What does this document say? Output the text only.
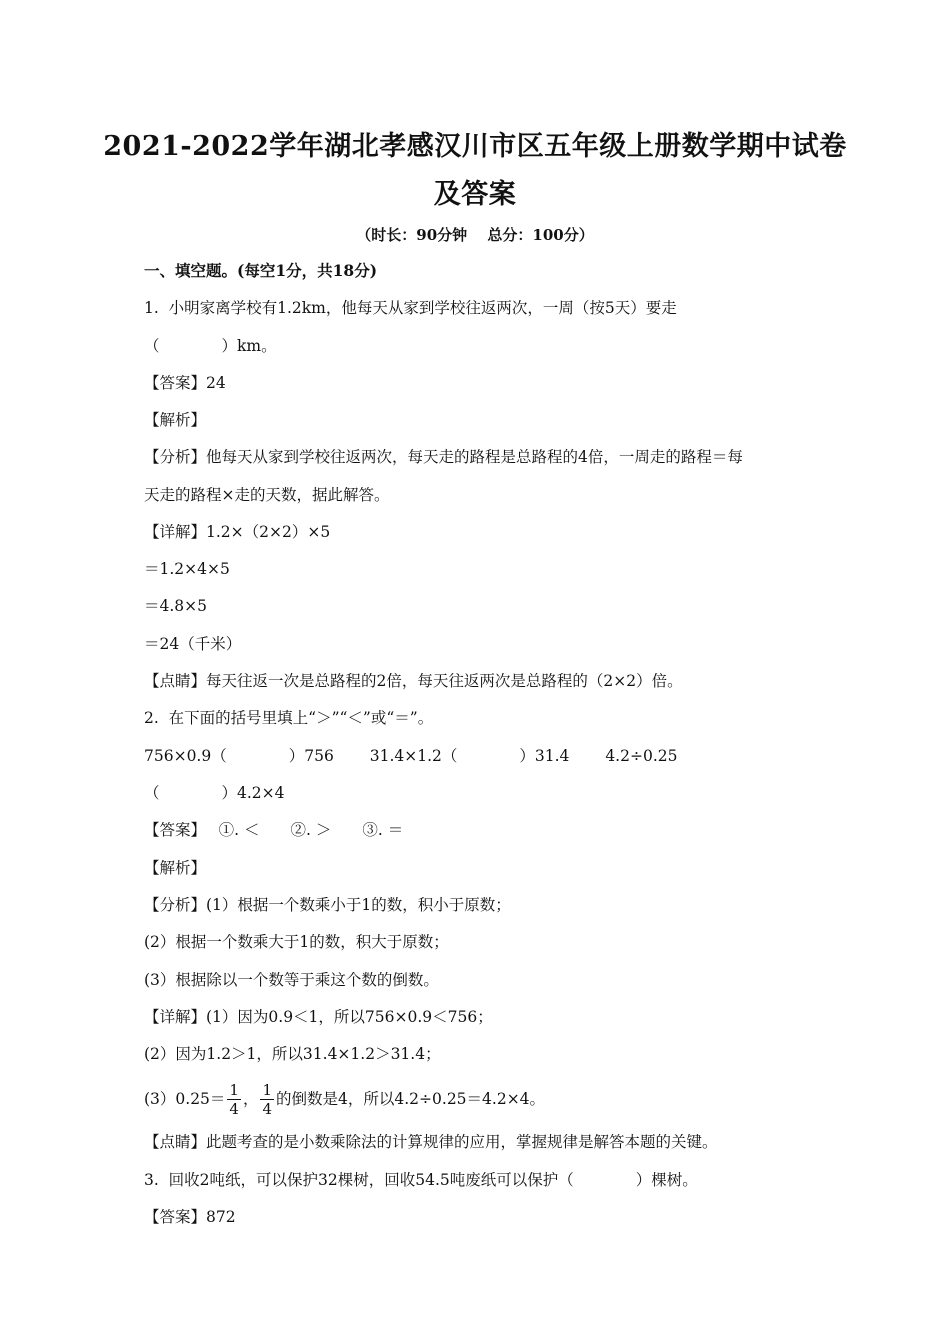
2021-2022学年湖北孝感汉川市区五年级上册数学期中试卷
及答案
（时长：90分钟　 总分：100分）
一、填空题。(每空1分，共18分)
1.  小明家离学校有1.2km，他每天从家到学校往返两次，一周（按5天）要走
（　　　　）km。
【答案】24
【解析】
【分析】他每天从家到学校往返两次，每天走的路程是总路程的4倍，一周走的路程＝每
天走的路程×走的天数，据此解答。
【详解】1.2×（2×2）×5
＝1.2×4×5
＝4.8×5
＝24（千米）
【点睛】每天往返一次是总路程的2倍，每天往返两次是总路程的（2×2）倍。
2.  在下面的括号里填上“＞”“＜”或“＝”。
756×0.9（　　　　）756　　 31.4×1.2（　　　　）31.4　　 4.2÷0.25
（　　　　）4.2×4
【答案】　 ①. ＜　　②. ＞　　③. ＝
【解析】
【分析】(1）根据一个数乘小于1的数，积小于原数；
(2）根据一个数乘大于1的数，积大于原数；
(3）根据除以一个数等于乘这个数的倒数。
【详解】(1）因为0.9＜1，所以756×0.9＜756；
(2）因为1.2＞1，所以31.4×1.2＞31.4；
$(3)0.25= \frac{1}{4}$ ， $\frac{1}{4}$ 的倒数是4，所以4.2÷0.25＝4.2×4。
【点睛】此题考查的是小数乘除法的计算规律的应用，掌握规律是解答本题的关键。
3.  回收2吨纸，可以保护32棵树，回收54.5吨废纸可以保护（　　　　）棵树。
【答案】872
